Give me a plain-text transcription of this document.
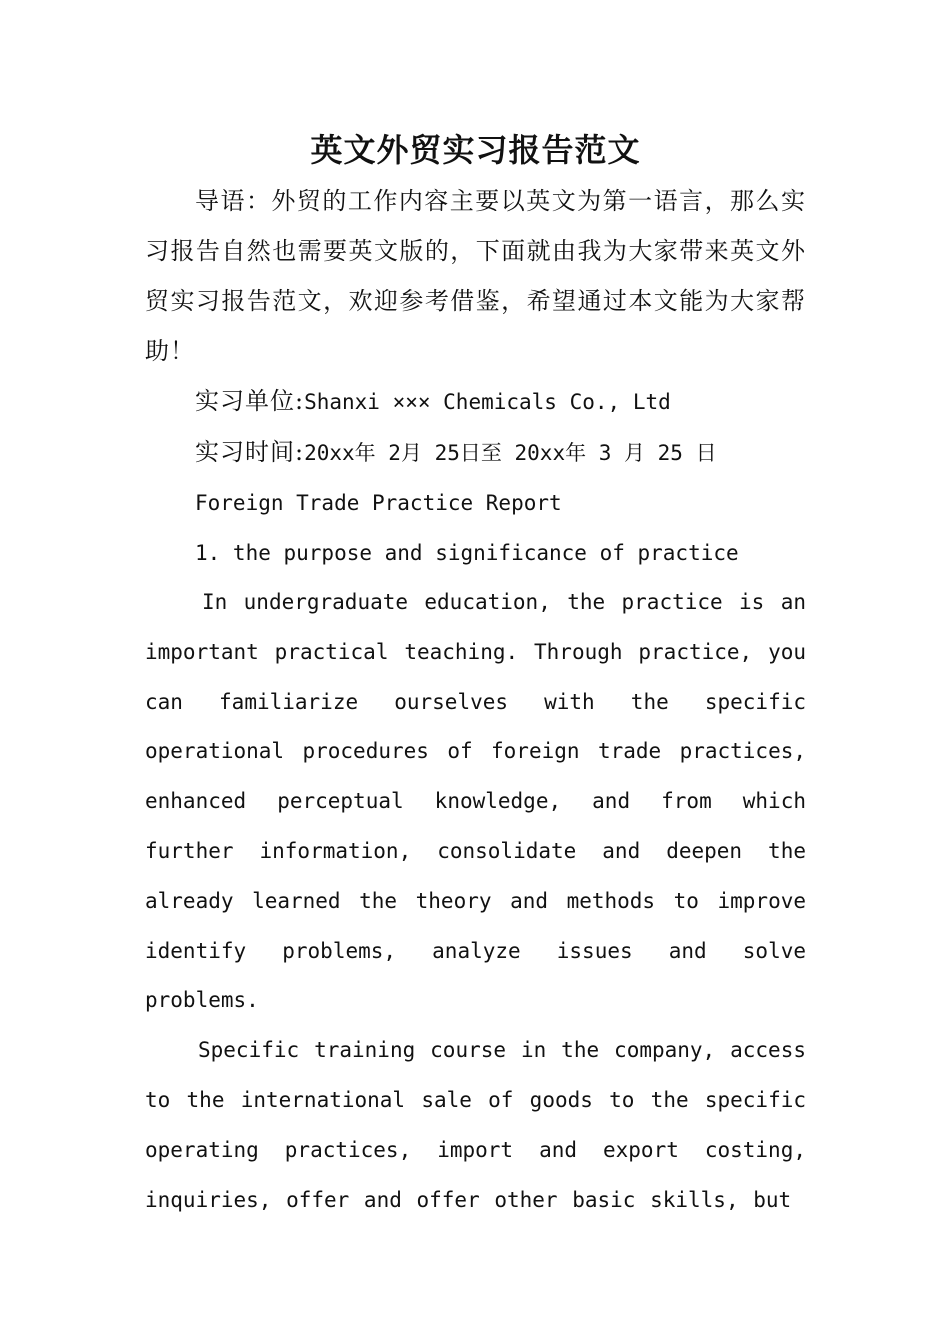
英文外贸实习报告范文

导语：外贸的工作内容主要以英文为第一语言，那么实习报告自然也需要英文版的，下面就由我为大家带来英文外贸实习报告范文，欢迎参考借鉴，希望通过本文能为大家帮助！

实习单位:Shanxi ××× Chemicals Co., Ltd

实习时间:20xx年 2月 25日至 20xx年 3 月 25 日

Foreign Trade Practice Report

1. the purpose and significance of practice

In undergraduate education, the practice is an important practical teaching. Through practice, you can familiarize ourselves with the specific operational procedures of foreign trade practices, enhanced perceptual knowledge, and from which further information, consolidate and deepen the already learned the theory and methods to improve identify problems, analyze issues and solve problems.

Specific training course in the company, access to the international sale of goods to the specific operating practices, import and export costing, inquiries, offer and offer other basic skills, but
